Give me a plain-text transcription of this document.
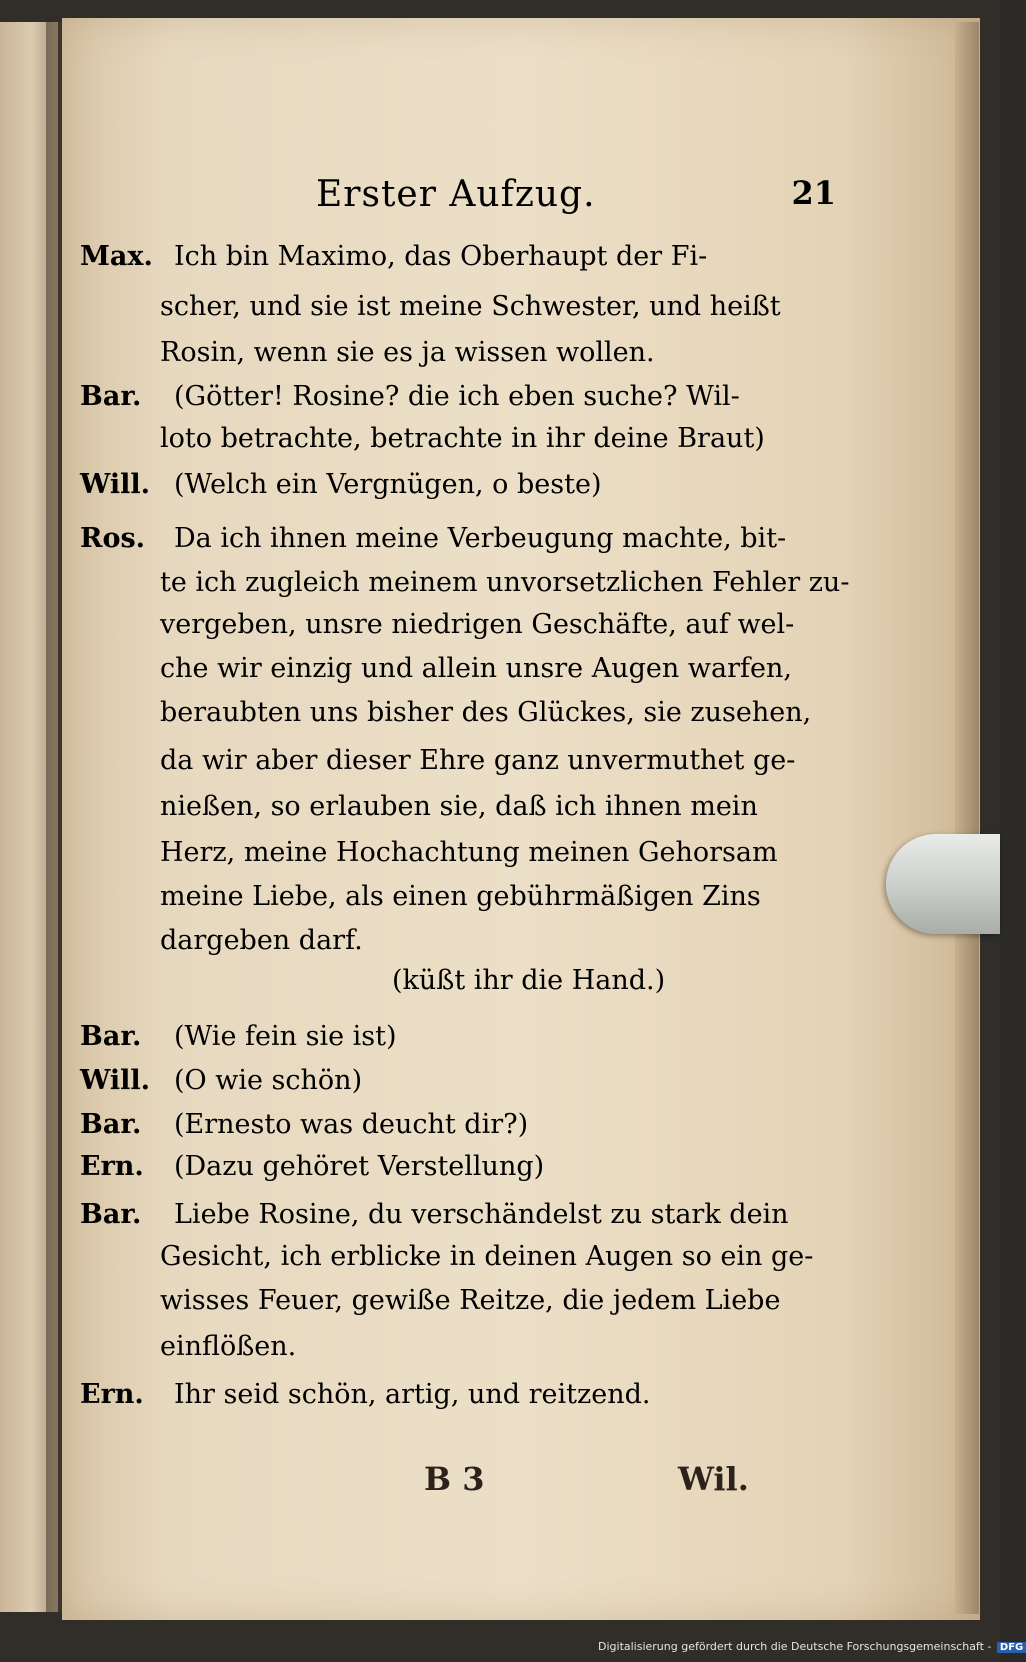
Erster Aufzug.	21
Max. Ich bin Maximo, das Oberhaupt der Fi-
scher, und sie ist meine Schwester, und heißt
Rosin, wenn sie es ja wissen wollen.
Bar. (Götter! Rosine? die ich eben suche? Wil-
loto betrachte, betrachte in ihr deine Braut)
Will. (Welch ein Vergnügen, o beste)
Ros. Da ich ihnen meine Verbeugung machte, bit-
te ich zugleich meinem unvorsetzlichen Fehler zu-
vergeben, unsre niedrigen Geschäfte, auf wel-
che wir einzig und allein unsre Augen warfen,
beraubten uns bisher des Glückes, sie zusehen,
da wir aber dieser Ehre ganz unvermuthet ge-
nießen, so erlauben sie, daß ich ihnen mein
Herz, meine Hochachtung meinen Gehorsam
meine Liebe, als einen gebührmäßigen Zins
dargeben darf.
(küßt ihr die Hand.)
Bar. (Wie fein sie ist)
Will. (O wie schön)
Bar. (Ernesto was deucht dir?)
Ern. (Dazu gehöret Verstellung)
Bar. Liebe Rosine, du verschändelst zu stark dein
Gesicht, ich erblicke in deinen Augen so ein ge-
wisses Feuer, gewiße Reitze, die jedem Liebe
einflößen.
Ern. Ihr seid schön, artig, und reitzend.
B 3	Wil.
Digitalisierung gefördert durch die Deutsche Forschungsgemeinschaft - DFG
